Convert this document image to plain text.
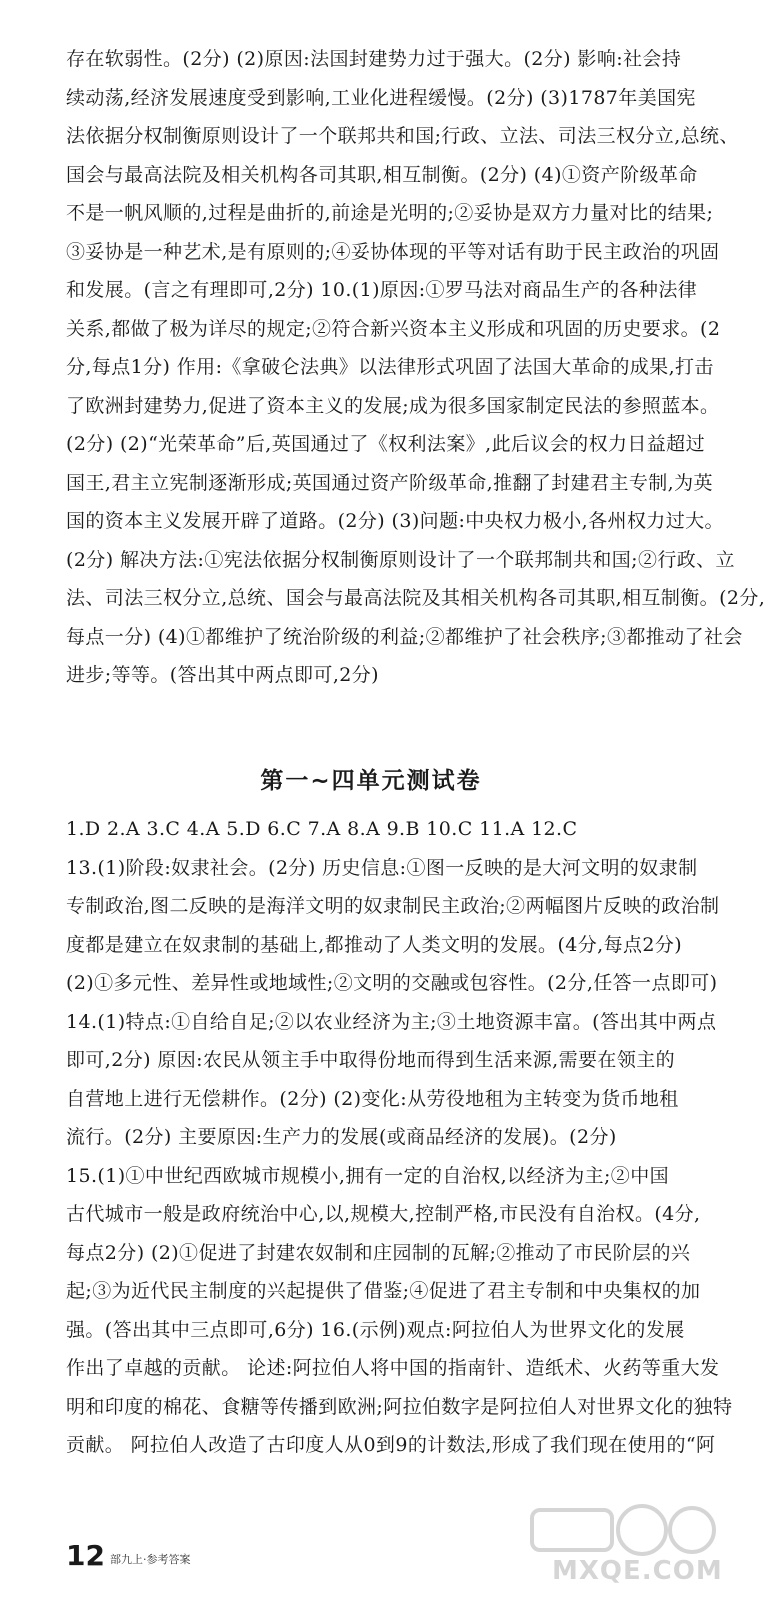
存在软弱性。(2分) (2)原因:法国封建势力过于强大。(2分) 影响:社会持
续动荡,经济发展速度受到影响,工业化进程缓慢。(2分) (3)1787年美国宪
法依据分权制衡原则设计了一个联邦共和国;行政、立法、司法三权分立,总统、
国会与最高法院及相关机构各司其职,相互制衡。(2分) (4)①资产阶级革命
不是一帆风顺的,过程是曲折的,前途是光明的;②妥协是双方力量对比的结果;
③妥协是一种艺术,是有原则的;④妥协体现的平等对话有助于民主政治的巩固
和发展。(言之有理即可,2分) 10.(1)原因:①罗马法对商品生产的各种法律
关系,都做了极为详尽的规定;②符合新兴资本主义形成和巩固的历史要求。(2
分,每点1分) 作用:《拿破仑法典》以法律形式巩固了法国大革命的成果,打击
了欧洲封建势力,促进了资本主义的发展;成为很多国家制定民法的参照蓝本。
(2分) (2)“光荣革命”后,英国通过了《权利法案》,此后议会的权力日益超过
国王,君主立宪制逐渐形成;英国通过资产阶级革命,推翻了封建君主专制,为英
国的资本主义发展开辟了道路。(2分) (3)问题:中央权力极小,各州权力过大。
(2分) 解决方法:①宪法依据分权制衡原则设计了一个联邦制共和国;②行政、立
法、司法三权分立,总统、国会与最高法院及其相关机构各司其职,相互制衡。(2分,
每点一分) (4)①都维护了统治阶级的利益;②都维护了社会秩序;③都推动了社会
进步;等等。(答出其中两点即可,2分)
第一~四单元测试卷
1.D 2.A 3.C 4.A 5.D 6.C 7.A 8.A 9.B 10.C 11.A 12.C
13.(1)阶段:奴隶社会。(2分) 历史信息:①图一反映的是大河文明的奴隶制
专制政治,图二反映的是海洋文明的奴隶制民主政治;②两幅图片反映的政治制
度都是建立在奴隶制的基础上,都推动了人类文明的发展。(4分,每点2分)
(2)①多元性、差异性或地域性;②文明的交融或包容性。(2分,任答一点即可)
14.(1)特点:①自给自足;②以农业经济为主;③土地资源丰富。(答出其中两点
即可,2分) 原因:农民从领主手中取得份地而得到生活来源,需要在领主的
自营地上进行无偿耕作。(2分) (2)变化:从劳役地租为主转变为货币地租
流行。(2分) 主要原因:生产力的发展(或商品经济的发展)。(2分)
15.(1)①中世纪西欧城市规模小,拥有一定的自治权,以经济为主;②中国
古代城市一般是政府统治中心,以,规模大,控制严格,市民没有自治权。(4分,
每点2分) (2)①促进了封建农奴制和庄园制的瓦解;②推动了市民阶层的兴
起;③为近代民主制度的兴起提供了借鉴;④促进了君主专制和中央集权的加
强。(答出其中三点即可,6分) 16.(示例)观点:阿拉伯人为世界文化的发展
作出了卓越的贡献。 论述:阿拉伯人将中国的指南针、造纸术、火药等重大发
明和印度的棉花、食糖等传播到欧洲;阿拉伯数字是阿拉伯人对世界文化的独特
贡献。 阿拉伯人改造了古印度人从0到9的计数法,形成了我们现在使用的“阿
12 部九上·参考答案	MXQE.COM
